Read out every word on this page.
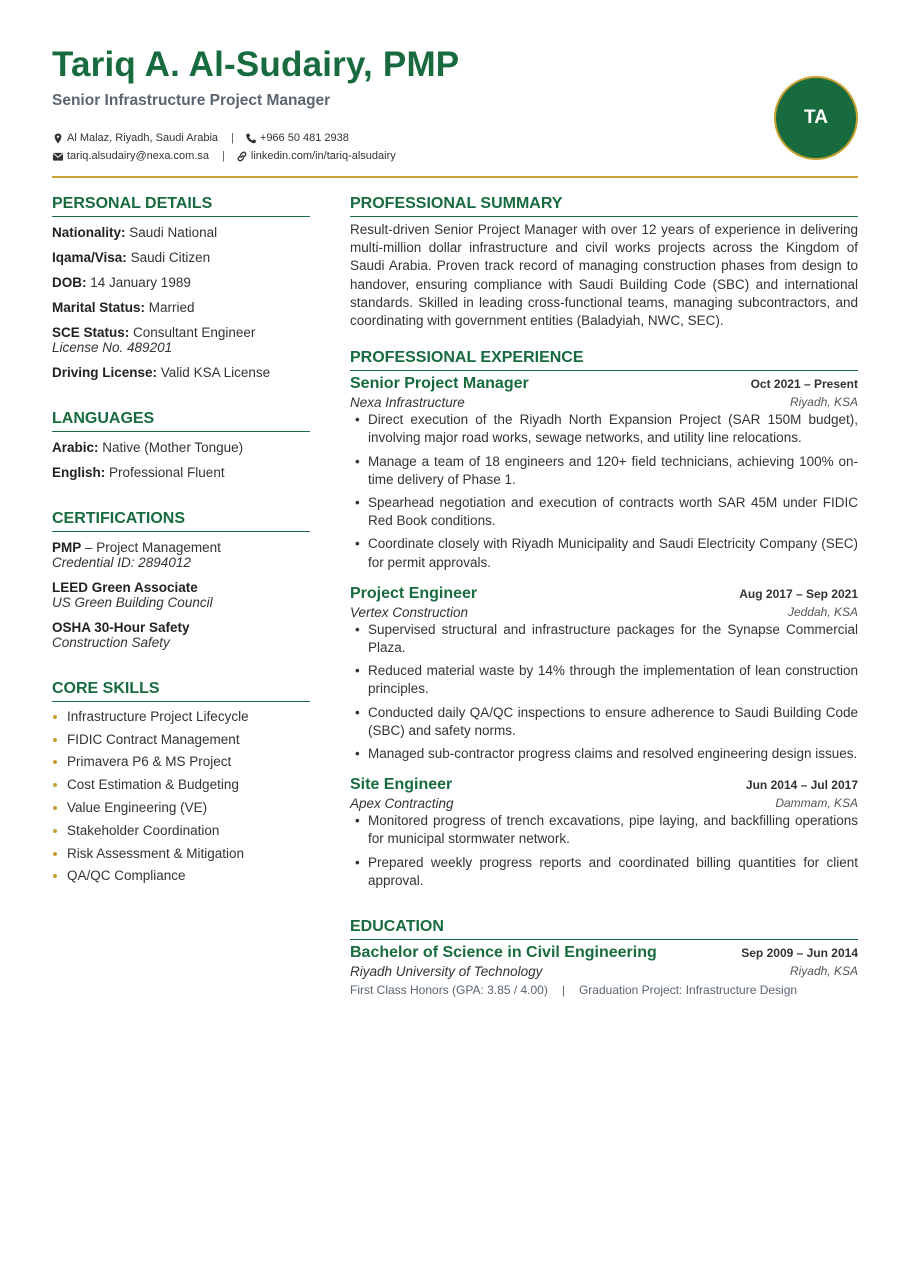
Tariq A. Al-Sudairy, PMP
Senior Infrastructure Project Manager
Al Malaz, Riyadh, Saudi Arabia | +966 50 481 2938
tariq.alsudairy@nexa.com.sa | linkedin.com/in/tariq-alsudairy
TA
PERSONAL DETAILS
Nationality: Saudi National
Iqama/Visa: Saudi Citizen
DOB: 14 January 1989
Marital Status: Married
SCE Status: Consultant Engineer
License No. 489201
Driving License: Valid KSA License
LANGUAGES
Arabic: Native (Mother Tongue)
English: Professional Fluent
CERTIFICATIONS
PMP – Project Management
Credential ID: 2894012
LEED Green Associate
US Green Building Council
OSHA 30-Hour Safety
Construction Safety
CORE SKILLS
Infrastructure Project Lifecycle
FIDIC Contract Management
Primavera P6 & MS Project
Cost Estimation & Budgeting
Value Engineering (VE)
Stakeholder Coordination
Risk Assessment & Mitigation
QA/QC Compliance
PROFESSIONAL SUMMARY

Result-driven Senior Project Manager with over 12 years of experience in delivering multi-million dollar infrastructure and civil works projects across the Kingdom of Saudi Arabia. Proven track record of managing construction phases from design to handover, ensuring compliance with Saudi Building Code (SBC) and international standards. Skilled in leading cross-functional teams, managing subcontractors, and coordinating with government entities (Baladyiah, NWC, SEC).

PROFESSIONAL EXPERIENCE
Senior Project Manager	Oct 2021 – Present
Nexa Infrastructure	Riyadh, KSA
• Direct execution of the Riyadh North Expansion Project (SAR 150M budget), involving major road works, sewage networks, and utility line relocations.
• Manage a team of 18 engineers and 120+ field technicians, achieving 100% on-time delivery of Phase 1.
• Spearhead negotiation and execution of contracts worth SAR 45M under FIDIC Red Book conditions.
• Coordinate closely with Riyadh Municipality and Saudi Electricity Company (SEC) for permit approvals.
Project Engineer	Aug 2017 – Sep 2021
Vertex Construction	Jeddah, KSA
• Supervised structural and infrastructure packages for the Synapse Commercial Plaza.
• Reduced material waste by 14% through the implementation of lean construction principles.
• Conducted daily QA/QC inspections to ensure adherence to Saudi Building Code (SBC) and safety norms.
• Managed sub-contractor progress claims and resolved engineering design issues.
Site Engineer	Jun 2014 – Jul 2017
Apex Contracting	Dammam, KSA
• Monitored progress of trench excavations, pipe laying, and backfilling operations for municipal stormwater network.
• Prepared weekly progress reports and coordinated billing quantities for client approval.
EDUCATION
Bachelor of Science in Civil Engineering	Sep 2009 – Jun 2014
Riyadh University of Technology	Riyadh, KSA
First Class Honors (GPA: 3.85 / 4.00) | Graduation Project: Infrastructure Design
